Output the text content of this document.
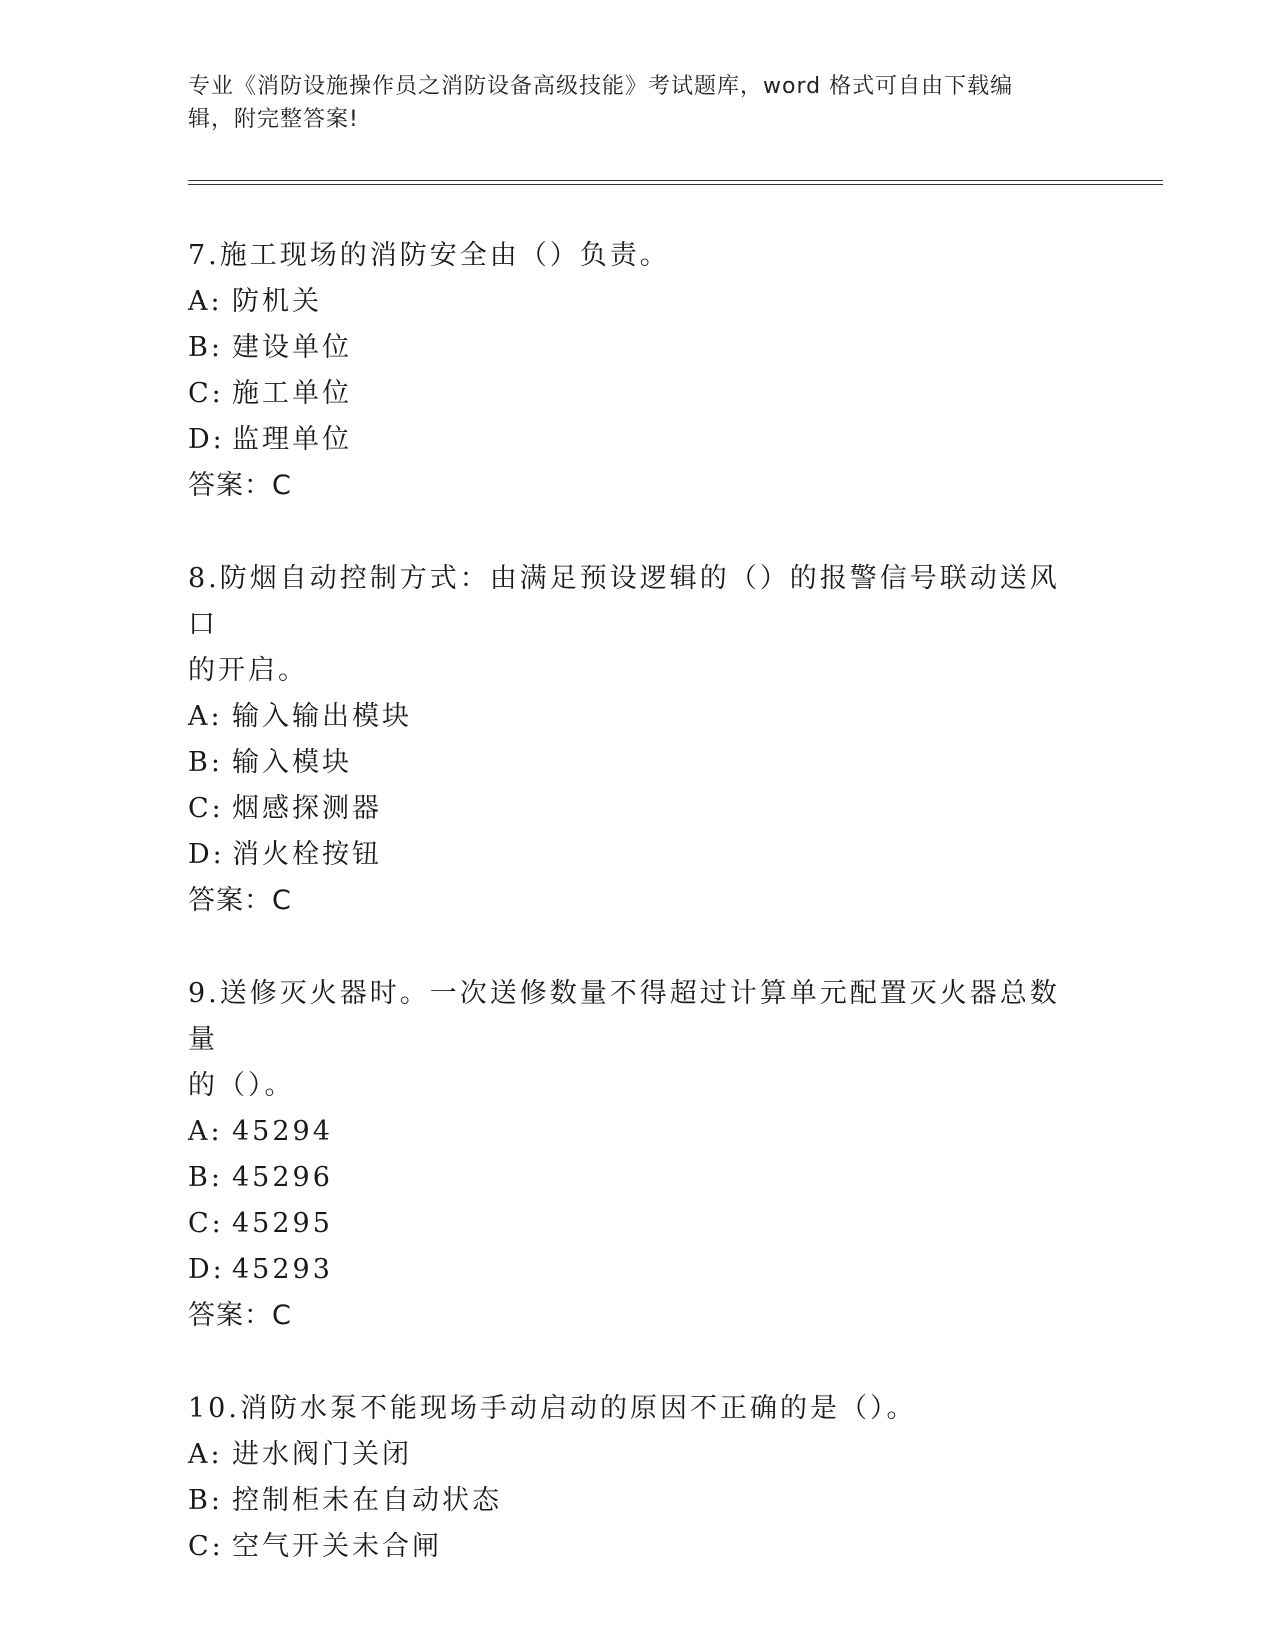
专业《消防设施操作员之消防设备高级技能》考试题库，word 格式可自由下载编
辑，附完整答案!

7.施工现场的消防安全由（）负责。

A: 防机关

B: 建设单位

C: 施工单位

D: 监理单位

答案：C

8.防烟自动控制方式：由满足预设逻辑的（）的报警信号联动送风口

的开启。

A: 输入输出模块

B: 输入模块

C: 烟感探测器

D: 消火栓按钮

答案：C

9.送修灭火器时。一次送修数量不得超过计算单元配置灭火器总数量

的（）。

A: 45294

B: 45296

C: 45295

D: 45293

答案：C

10.消防水泵不能现场手动启动的原因不正确的是（）。

A: 进水阀门关闭

B: 控制柜未在自动状态

C: 空气开关未合闸
